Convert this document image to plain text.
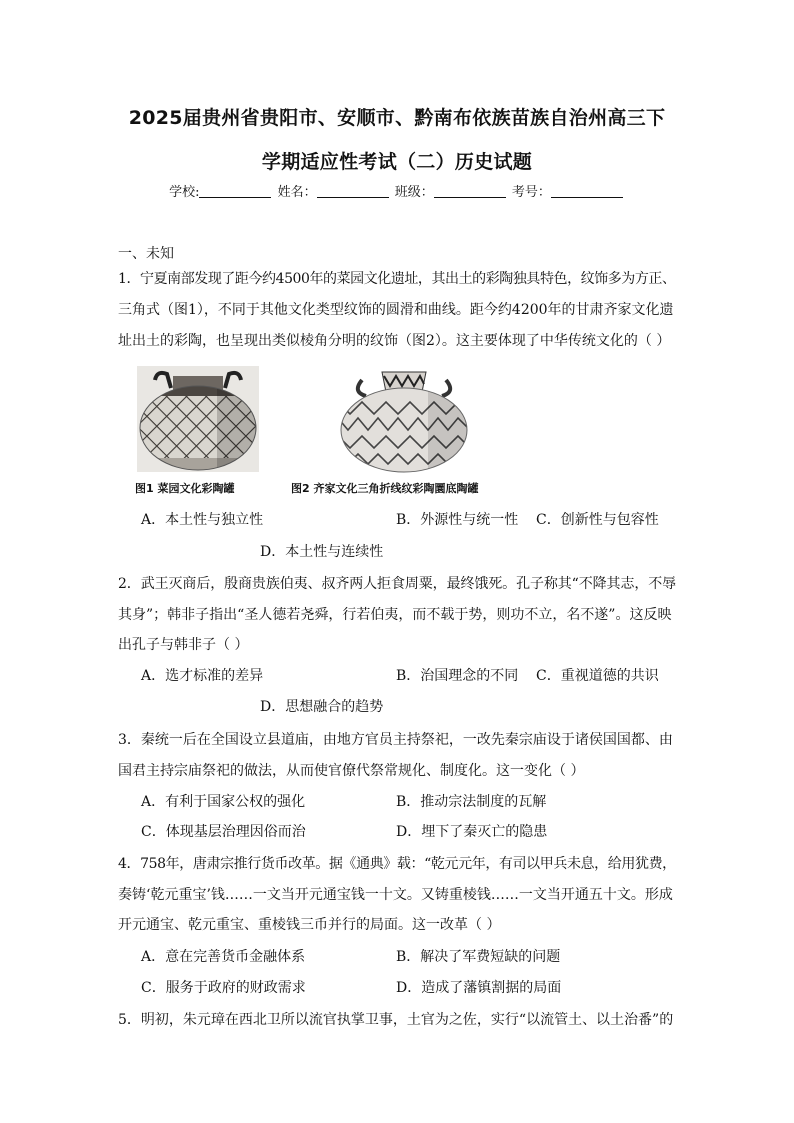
2025届贵州省贵阳市、安顺市、黔南布依族苗族自治州高三下
学期适应性考试（二）历史试题
学校:	姓名：	班级：	考号：
一、未知
1．宁夏南部发现了距今约4500年的菜园文化遗址，其出土的彩陶独具特色，纹饰多为方正、
三角式（图1），不同于其他文化类型纹饰的圆滑和曲线。距今约4200年的甘肃齐家文化遗
址出土的彩陶，也呈现出类似棱角分明的纹饰（图2）。这主要体现了中华传统文化的（ ）
图1 菜园文化彩陶罐	图2 齐家文化三角折线纹彩陶圜底陶罐
A．本土性与独立性	B．外源性与统一性 C．创新性与包容性
D．本土性与连续性
2．武王灭商后，殷商贵族伯夷、叔齐两人拒食周粟，最终饿死。孔子称其“不降其志，不辱
其身”；韩非子指出“圣人德若尧舜，行若伯夷，而不载于势，则功不立，名不遂”。这反映
出孔子与韩非子（ ）
A．选才标准的差异	B．治国理念的不同 C．重视道德的共识
D．思想融合的趋势
3．秦统一后在全国设立县道庙，由地方官员主持祭祀，一改先秦宗庙设于诸侯国国都、由
国君主持宗庙祭祀的做法，从而使官僚代祭常规化、制度化。这一变化（ ）
A．有利于国家公权的强化	B．推动宗法制度的瓦解
C．体现基层治理因俗而治	D．埋下了秦灭亡的隐患
4．758年，唐肃宗推行货币改革。据《通典》载：“乾元元年，有司以甲兵未息，给用犹费，
奏铸‘乾元重宝’钱……一文当开元通宝钱一十文。又铸重棱钱……一文当开通五十文。形成
开元通宝、乾元重宝、重棱钱三币并行的局面。这一改革（ ）
A．意在完善货币金融体系	B．解决了军费短缺的问题
C．服务于政府的财政需求	D．造成了藩镇割据的局面
5．明初，朱元璋在西北卫所以流官执掌卫事，土官为之佐，实行“以流管土、以土治番”的
